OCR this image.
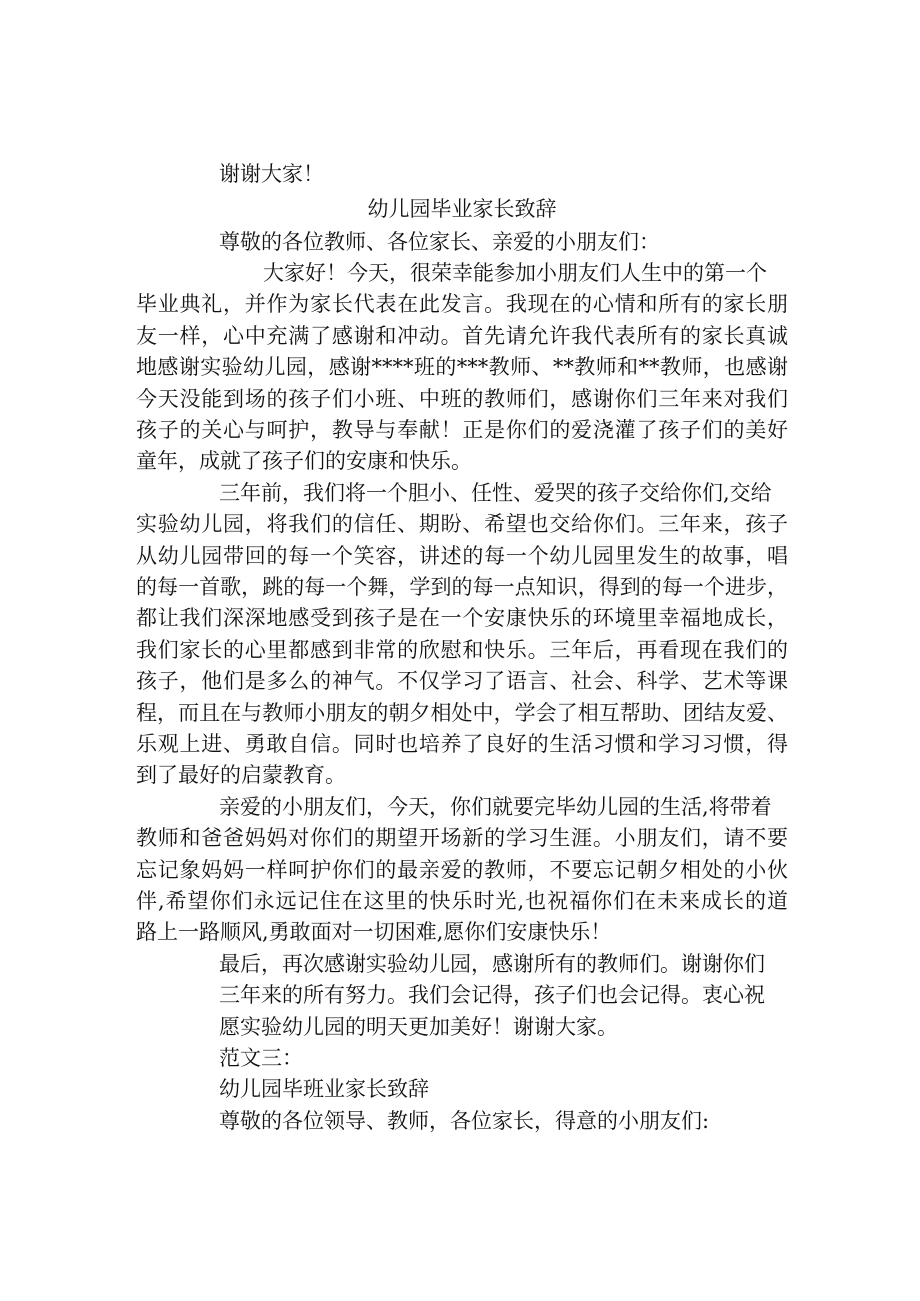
谢谢大家！
幼儿园毕业家长致辞
尊敬的各位教师、各位家长、亲爱的小朋友们：
大家好！今天，很荣幸能参加小朋友们人生中的第一个
毕业典礼，并作为家长代表在此发言。我现在的心情和所有的家长朋
友一样，心中充满了感谢和冲动。首先请允许我代表所有的家长真诚
地感谢实验幼儿园，感谢****班的***教师、**教师和**教师，也感谢
今天没能到场的孩子们小班、中班的教师们，感谢你们三年来对我们
孩子的关心与呵护，教导与奉献！正是你们的爱浇灌了孩子们的美好
童年，成就了孩子们的安康和快乐。
三年前，我们将一个胆小、任性、爱哭的孩子交给你们,交给
实验幼儿园，将我们的信任、期盼、希望也交给你们。三年来，孩子
从幼儿园带回的每一个笑容，讲述的每一个幼儿园里发生的故事，唱
的每一首歌，跳的每一个舞，学到的每一点知识，得到的每一个进步，
都让我们深深地感受到孩子是在一个安康快乐的环境里幸福地成长，
我们家长的心里都感到非常的欣慰和快乐。三年后，再看现在我们的
孩子，他们是多么的神气。不仅学习了语言、社会、科学、艺术等课
程，而且在与教师小朋友的朝夕相处中，学会了相互帮助、团结友爱、
乐观上进、勇敢自信。同时也培养了良好的生活习惯和学习习惯，得
到了最好的启蒙教育。
亲爱的小朋友们，今天，你们就要完毕幼儿园的生活,将带着
教师和爸爸妈妈对你们的期望开场新的学习生涯。小朋友们，请不要
忘记象妈妈一样呵护你们的最亲爱的教师，不要忘记朝夕相处的小伙
伴,希望你们永远记住在这里的快乐时光,也祝福你们在未来成长的道
路上一路顺风,勇敢面对一切困难,愿你们安康快乐！
最后，再次感谢实验幼儿园，感谢所有的教师们。谢谢你们
三年来的所有努力。我们会记得，孩子们也会记得。衷心祝
愿实验幼儿园的明天更加美好！谢谢大家。
范文三：
幼儿园毕班业家长致辞
尊敬的各位领导、教师，各位家长，得意的小朋友们:
